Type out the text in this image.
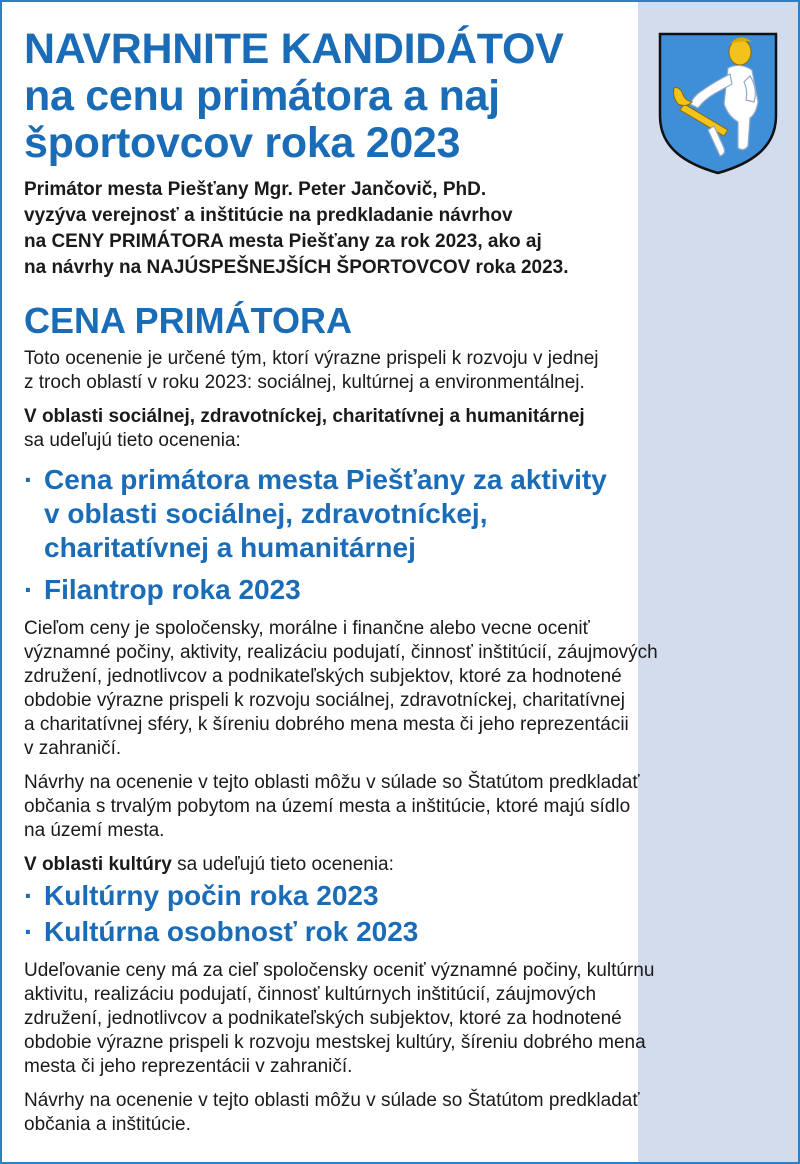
NAVRHNITE KANDIDÁTOV
na cenu primátora a naj
športovcov roka 2023
Primátor mesta Piešťany Mgr. Peter Jančovič, PhD.
vyzýva verejnosť a inštitúcie na predkladanie návrhov
na CENY PRIMÁTORA mesta Piešťany za rok 2023, ako aj
na návrhy na NAJÚSPEŠNEJŠÍCH ŠPORTOVCOV roka 2023.
CENA PRIMÁTORA
Toto ocenenie je určené tým, ktorí výrazne prispeli k rozvoju v jednej
z troch oblastí v roku 2023: sociálnej, kultúrnej a environmentálnej.
V oblasti sociálnej, zdravotníckej, charitatívnej a humanitárnej
sa udeľujú tieto ocenenia:
· Cena primátora mesta Piešťany za aktivity
v oblasti sociálnej, zdravotníckej,
charitatívnej a humanitárnej
· Filantrop roka 2023
Cieľom ceny je spoločensky, morálne i finančne alebo vecne oceniť
významné počiny, aktivity, realizáciu podujatí, činnosť inštitúcií, záujmových
združení, jednotlivcov a podnikateľských subjektov, ktoré za hodnotené
obdobie výrazne prispeli k rozvoju sociálnej, zdravotníckej, charitatívnej
a charitatívnej sféry, k šíreniu dobrého mena mesta či jeho reprezentácii
v zahraničí.
Návrhy na ocenenie v tejto oblasti môžu v súlade so Štatútom predkladať
občania s trvalým pobytom na území mesta a inštitúcie, ktoré majú sídlo
na území mesta.
V oblasti kultúry sa udeľujú tieto ocenenia:
· Kultúrny počin roka 2023
· Kultúrna osobnosť rok 2023
Udeľovanie ceny má za cieľ spoločensky oceniť významné počiny, kultúrnu
aktivitu, realizáciu podujatí, činnosť kultúrnych inštitúcií, záujmových
združení, jednotlivcov a podnikateľských subjektov, ktoré za hodnotené
obdobie výrazne prispeli k rozvoju mestskej kultúry, šíreniu dobrého mena
mesta či jeho reprezentácii v zahraničí.
Návrhy na ocenenie v tejto oblasti môžu v súlade so Štatútom predkladať
občania a inštitúcie.
